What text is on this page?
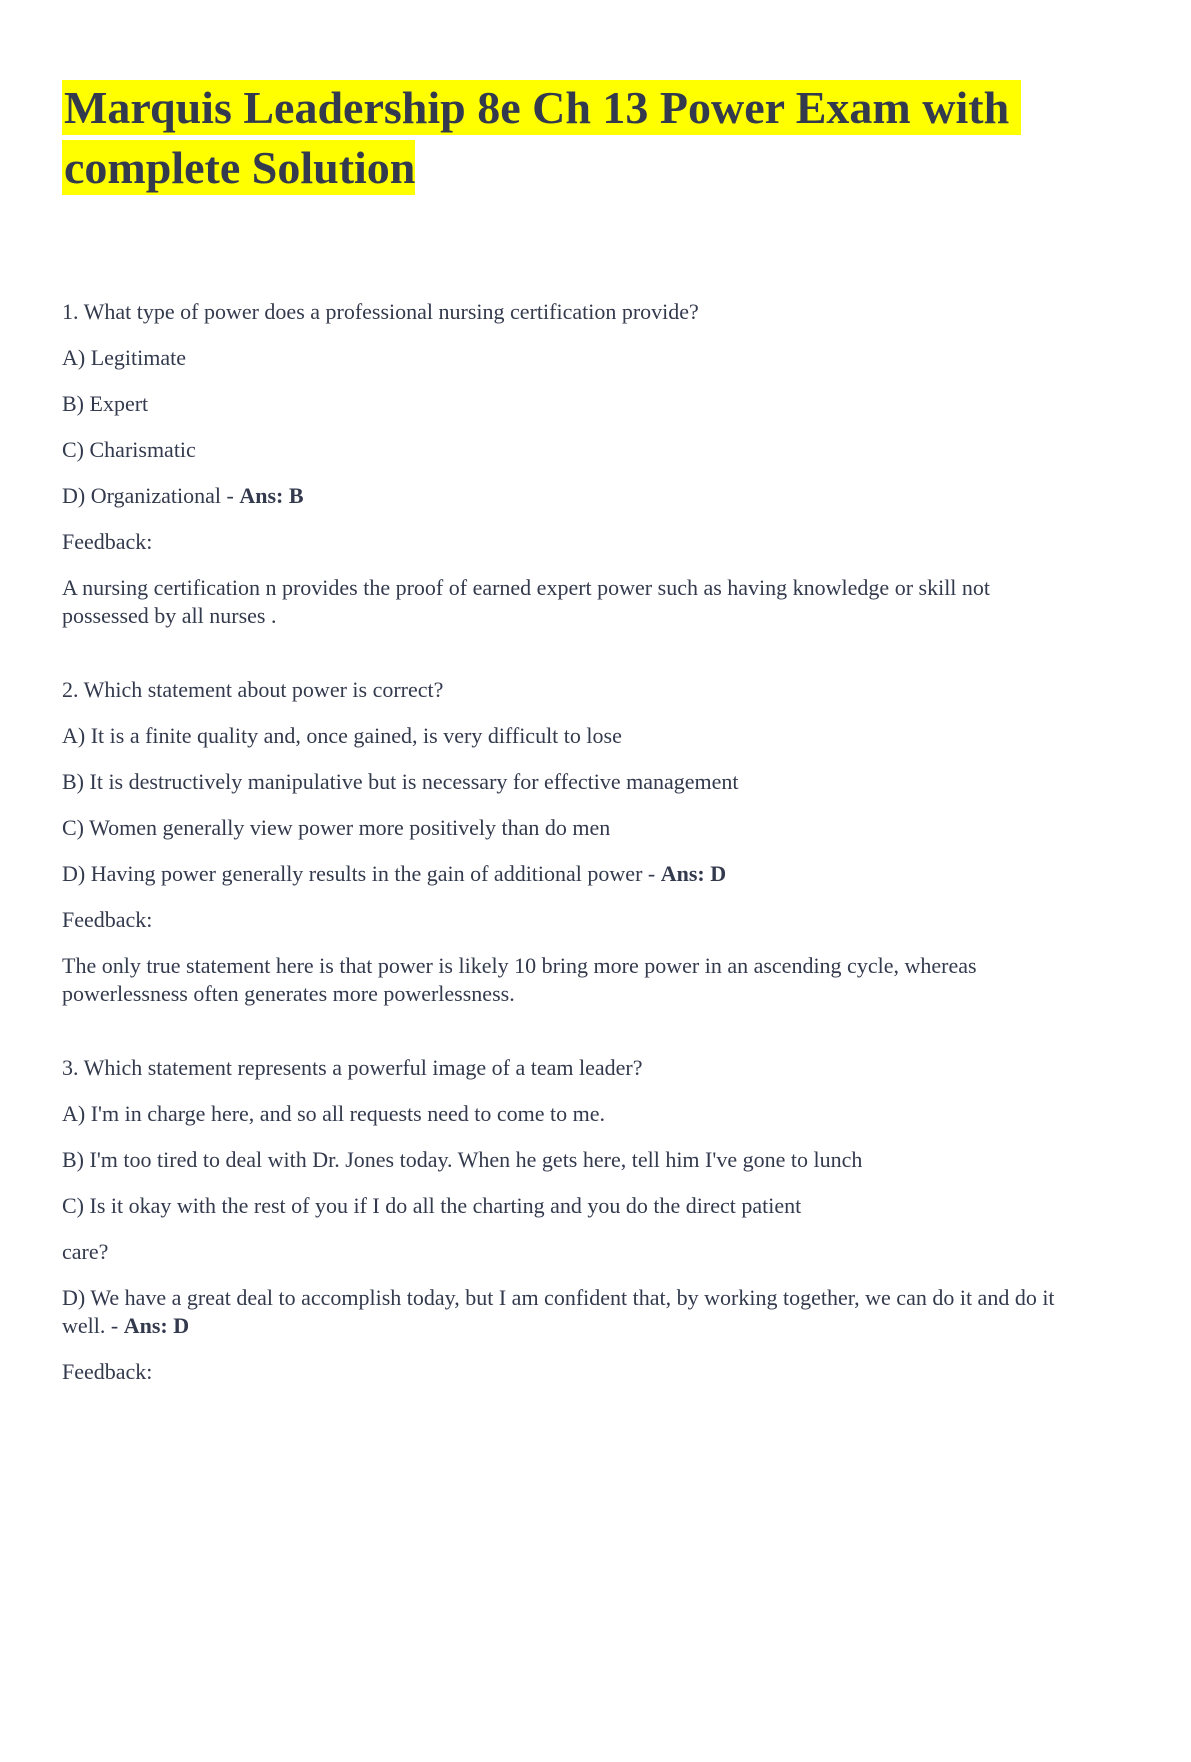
Marquis Leadership 8e Ch 13 Power Exam with
complete Solution

1. What type of power does a professional nursing certification provide?

A) Legitimate

B) Expert

C) Charismatic

D) Organizational - Ans: B

Feedback:

A nursing certification n provides the proof of earned expert power such as having knowledge or skill not possessed by all nurses .

2. Which statement about power is correct?

A) It is a finite quality and, once gained, is very difficult to lose

B) It is destructively manipulative but is necessary for effective management

C) Women generally view power more positively than do men

D) Having power generally results in the gain of additional power - Ans: D

Feedback:

The only true statement here is that power is likely 10 bring more power in an ascending cycle, whereas powerlessness often generates more powerlessness.

3. Which statement represents a powerful image of a team leader?

A) I'm in charge here, and so all requests need to come to me.

B) I'm too tired to deal with Dr. Jones today. When he gets here, tell him I've gone to lunch

C) Is it okay with the rest of you if I do all the charting and you do the direct patient

care?

D) We have a great deal to accomplish today, but I am confident that, by working together, we can do it and do it well. - Ans: D

Feedback:
